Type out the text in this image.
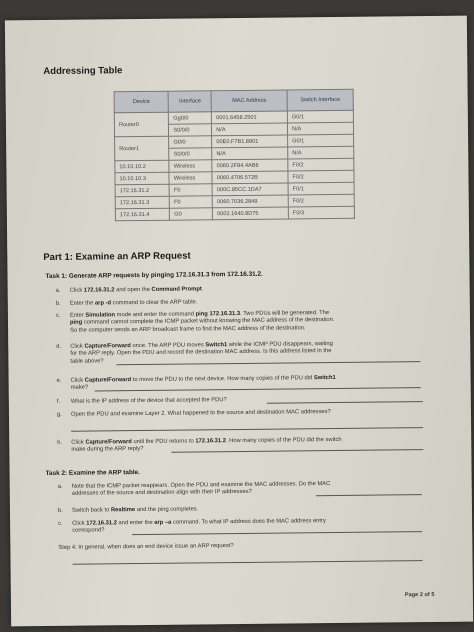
Addressing Table
Device	Interface	MAC Address	Switch Interface
Router0	Gg0/0	0001.6458.2501	G0/1
	S0/0/0	N/A	N/A
Router1	G0/0	00E0.F7B1.8901	G0/1
	S0/0/0	N/A	N/A
10.10.10.2	Wireless	0060.2F84.4AB6	F0/2
10.10.10.3	Wireless	0060.4706.572B	F0/2
172.16.31.2	F0	000C.85CC.1DA7	F0/1
172.16.31.3	F0	0060.7036.2849	F0/2
172.16.31.4	G0	0002.1640.8D75	F0/3
Part 1: Examine an ARP Request
Task 1: Generate ARP requests by pinging 172.16.31.3 from 172.16.31.2.
a.	Click 172.16.31.2 and open the Command Prompt.
b.	Enter the arp -d command to clear the ARP table.
c.	Enter Simulation mode and enter the command ping 172.16.31.3. Two PDUs will be generated. The
ping command cannot complete the ICMP packet without knowing the MAC address of the destination.
So the computer sends an ARP broadcast frame to find the MAC address of the destination.
d.	Click Capture/Forward once. The ARP PDU moves Switch1 while the ICMP PDU disappears, waiting
for the ARP reply. Open the PDU and record the destination MAC address. Is this address listed in the
table above?
e.	Click Capture/Forward to move the PDU to the next device. How many copies of the PDU did Switch1
make?
f.	What is the IP address of the device that accepted the PDU?
g.	Open the PDU and examine Layer 2. What happened to the source and destination MAC addresses?
h.	Click Capture/Forward until the PDU returns to 172.16.31.2. How many copies of the PDU did the switch
make during the ARP reply?
Task 2: Examine the ARP table.
a.	Note that the ICMP packet reappears. Open the PDU and examine the MAC addresses. Do the MAC
addresses of the source and destination align with their IP addresses?
b.	Switch back to Realtime and the ping completes.
c.	Click 172.16.31.2 and enter the arp –a command. To what IP address does the MAC address entry
correspond?
Step 4: In general, when does an end device issue an ARP request?
Page 2 of 5
